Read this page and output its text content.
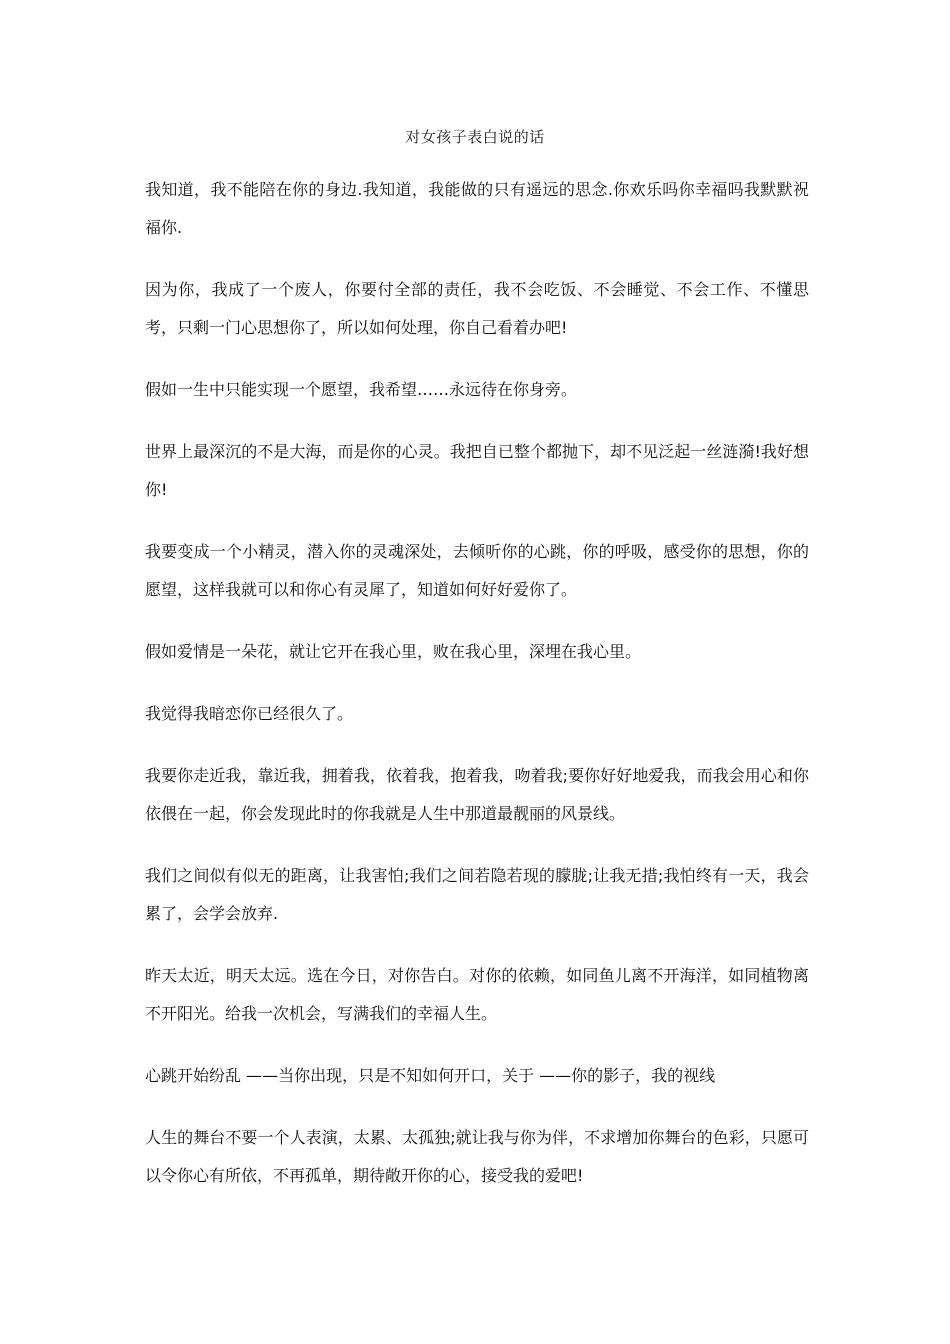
对女孩子表白说的话

我知道，我不能陪在你的身边.我知道，我能做的只有遥远的思念.你欢乐吗你幸福吗我默默祝福你.

因为你，我成了一个废人，你要付全部的责任，我不会吃饭、不会睡觉、不会工作、不懂思考，只剩一门心思想你了，所以如何处理，你自己看着办吧!

假如一生中只能实现一个愿望，我希望……永远待在你身旁。

世界上最深沉的不是大海，而是你的心灵。我把自已整个都抛下，却不见泛起一丝涟漪!我好想你!

我要变成一个小精灵，潜入你的灵魂深处，去倾听你的心跳，你的呼吸，感受你的思想，你的愿望，这样我就可以和你心有灵犀了，知道如何好好爱你了。

假如爱情是一朵花，就让它开在我心里，败在我心里，深埋在我心里。

我觉得我暗恋你已经很久了。

我要你走近我，靠近我，拥着我，依着我，抱着我，吻着我;要你好好地爱我，而我会用心和你依偎在一起，你会发现此时的你我就是人生中那道最靓丽的风景线。

我们之间似有似无的距离，让我害怕;我们之间若隐若现的朦胧;让我无措;我怕终有一天，我会累了，会学会放弃.

昨天太近，明天太远。选在今日，对你告白。对你的依赖，如同鱼儿离不开海洋，如同植物离不开阳光。给我一次机会，写满我们的幸福人生。

心跳开始纷乱 ——当你出现，只是不知如何开口，关于 ——你的影子，我的视线

人生的舞台不要一个人表演，太累、太孤独;就让我与你为伴，不求增加你舞台的色彩，只愿可以令你心有所依，不再孤单，期待敞开你的心，接受我的爱吧!
